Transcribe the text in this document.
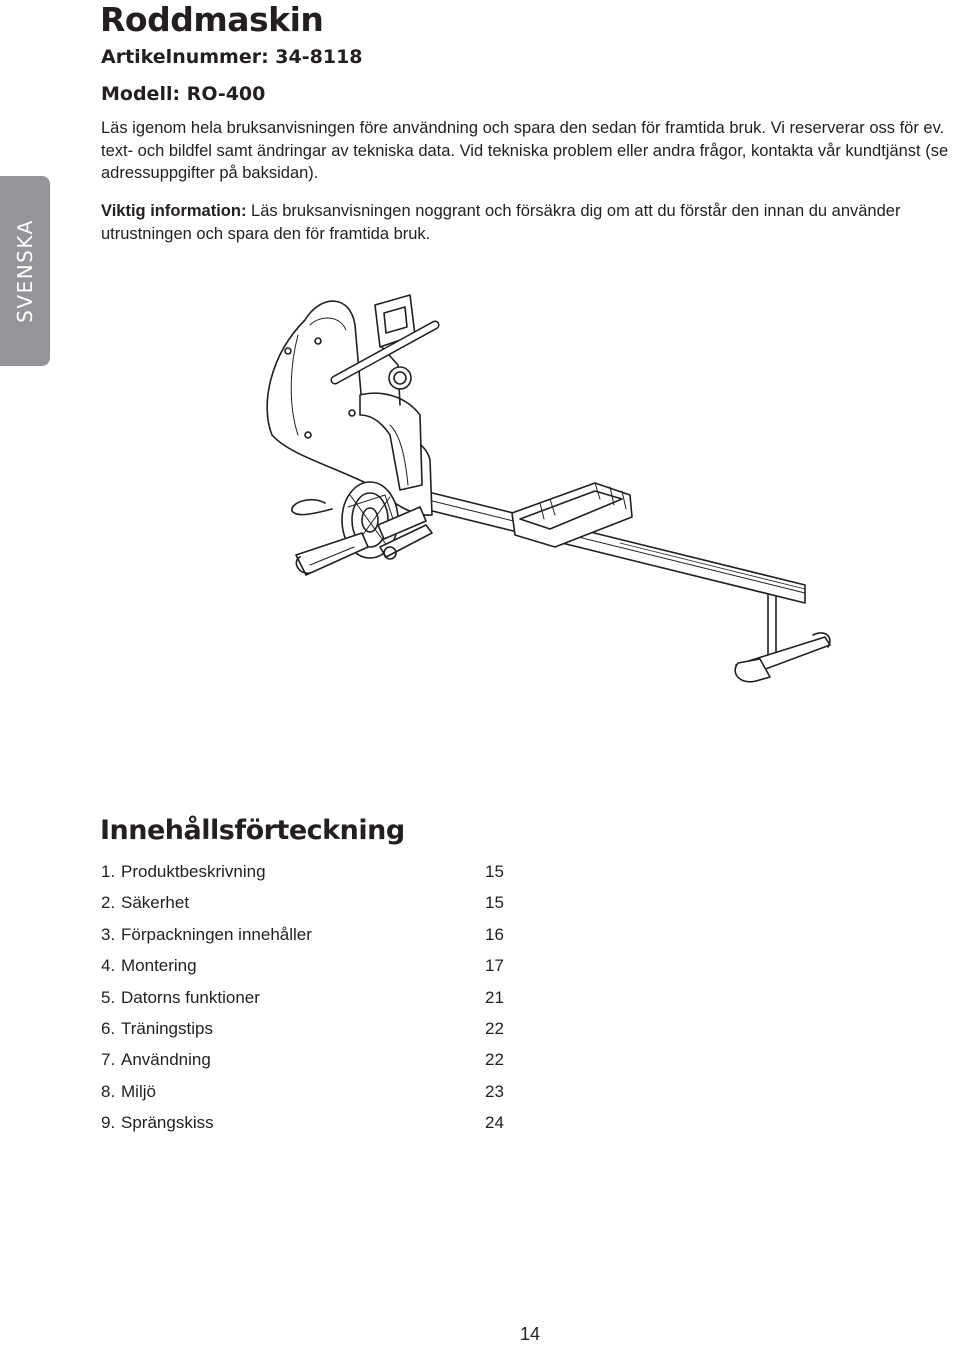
SVENSKA
Roddmaskin

Artikelnummer: 34-8118

Modell: RO-400

Läs igenom hela bruksanvisningen före användning och spara den sedan för framtida bruk. Vi reserverar oss för ev. text- och bildfel samt ändringar av tekniska data. Vid tekniska problem eller andra frågor, kontakta vår kundtjänst (se adressuppgifter på baksidan).

Viktig information: Läs bruksanvisningen noggrant och försäkra dig om att du förstår den innan du använder utrustningen och spara den för framtida bruk.

Innehållsförteckning
1. Produktbeskrivning	15
2. Säkerhet	15
3. Förpackningen innehåller	16
4. Montering	17
5. Datorns funktioner	21
6. Träningstips	22
7. Användning	22
8. Miljö	23
9. Sprängskiss	24
14
